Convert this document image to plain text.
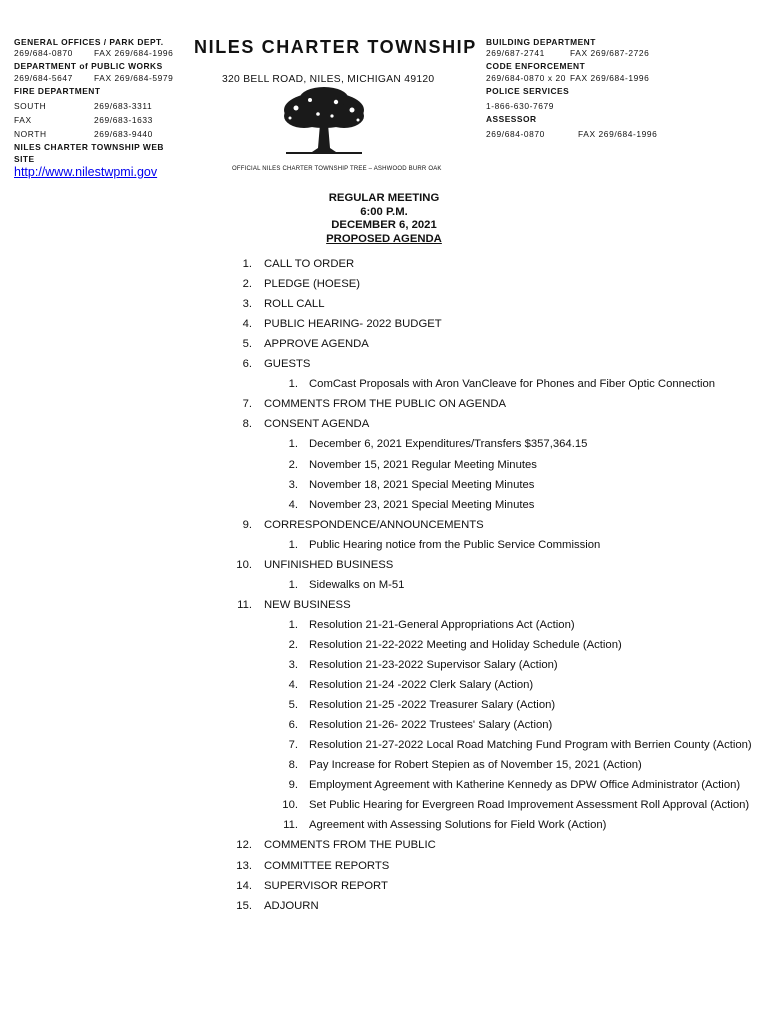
GENERAL OFFICES / PARK DEPT.
269/684-0870	FAX 269/684-1996
DEPARTMENT of PUBLIC WORKS
269/684-5647	FAX 269/684-5979
FIRE DEPARTMENT
SOUTH	269/683-3311
FAX	269/683-1633
NORTH	269/683-9440
NILES CHARTER TOWNSHIP WEB
SITE
http://www.nilestwpmi.gov
NILES CHARTER TOWNSHIP
320 BELL ROAD, NILES, MICHIGAN 49120
OFFICIAL NILES CHARTER TOWNSHIP TREE – ASHWOOD BURR OAK
BUILDING DEPARTMENT
269/687-2741	FAX 269/687-2726
CODE ENFORCEMENT
269/684-0870 x 20 FAX 269/684-1996
POLICE SERVICES
1-866-630-7679
ASSESSOR
269/684-0870	FAX 269/684-1996
REGULAR MEETING
6:00 P.M.
DECEMBER 6, 2021
PROPOSED AGENDA
1. CALL TO ORDER
2. PLEDGE (HOESE)
3. ROLL CALL
4. PUBLIC HEARING- 2022 BUDGET
5. APPROVE AGENDA
6. GUESTS
1. ComCast Proposals with Aron VanCleave for Phones and Fiber Optic Connection
7. COMMENTS FROM THE PUBLIC ON AGENDA
8. CONSENT AGENDA
1. December 6, 2021 Expenditures/Transfers $357,364.15
2. November 15, 2021 Regular Meeting Minutes
3. November 18, 2021 Special Meeting Minutes
4. November 23, 2021 Special Meeting Minutes
9. CORRESPONDENCE/ANNOUNCEMENTS
1. Public Hearing notice from the Public Service Commission
10. UNFINISHED BUSINESS
1. Sidewalks on M-51
11. NEW BUSINESS
1. Resolution 21-21-General Appropriations Act (Action)
2. Resolution 21-22-2022 Meeting and Holiday Schedule (Action)
3. Resolution 21-23-2022 Supervisor Salary (Action)
4. Resolution 21-24 -2022 Clerk Salary (Action)
5. Resolution 21-25 -2022 Treasurer Salary (Action)
6. Resolution 21-26- 2022 Trustees' Salary (Action)
7. Resolution 21-27-2022 Local Road Matching Fund Program with Berrien County (Action)
8. Pay Increase for Robert Stepien as of November 15, 2021 (Action)
9. Employment Agreement with Katherine Kennedy as DPW Office Administrator (Action)
10. Set Public Hearing for Evergreen Road Improvement Assessment Roll Approval (Action)
11. Agreement with Assessing Solutions for Field Work (Action)
12. COMMENTS FROM THE PUBLIC
13. COMMITTEE REPORTS
14. SUPERVISOR REPORT
15. ADJOURN
